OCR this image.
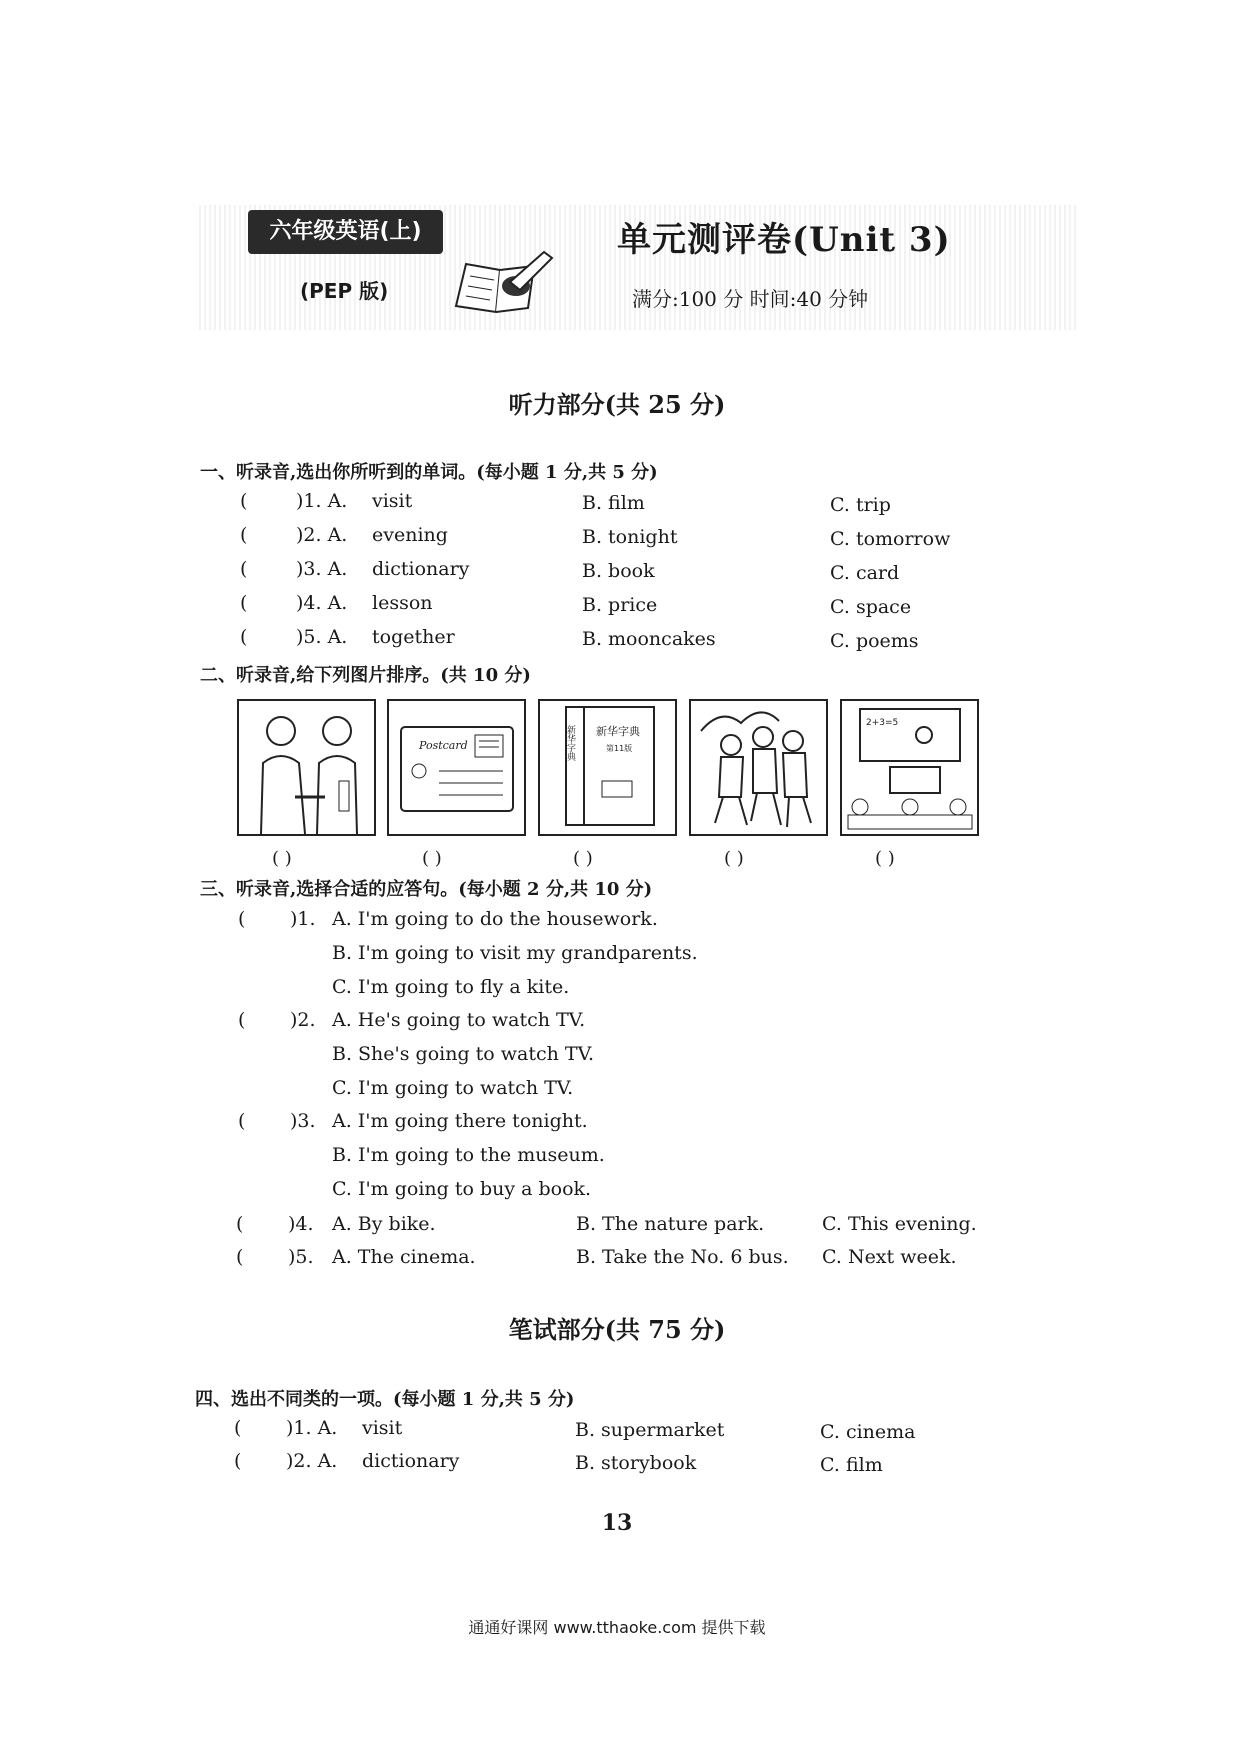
六年级英语(上)
(PEP 版)
单元测评卷(Unit 3)
满分:100 分 时间:40 分钟
听力部分(共 25 分)
一、听录音,选出你所听到的单词。(每小题 1 分,共 5 分)
(	)1. A. visit	B. film	C. trip
(	)2. A. evening	B. tonight	C. tomorrow
(	)3. A. dictionary	B. book	C. card
(	)4. A. lesson	B. price	C. space
(	)5. A. together	B. mooncakes	C. poems
二、听录音,给下列图片排序。(共 10 分)
Postcard	新华字典 新华字典
第11版
2+3=5
( )	( )	( )	( )	( )
三、听录音,选择合适的应答句。(每小题 2 分,共 10 分)
( )1. A. I'm going to do the housework.
B. I'm going to visit my grandparents.
C. I'm going to fly a kite.
( )2. A. He's going to watch TV.
B. She's going to watch TV.
C. I'm going to watch TV.
( )3. A. I'm going there tonight.
B. I'm going to the museum.
C. I'm going to buy a book.
( )4. A. By bike.	B. The nature park.	C. This evening.
( )5. A. The cinema.	B. Take the No. 6 bus. C. Next week.
笔试部分(共 75 分)
四、选出不同类的一项。(每小题 1 分,共 5 分)
( )1. A. visit	B. supermarket	C. cinema
( )2. A. dictionary	B. storybook	C. film
13
通通好课网 www.tthaoke.com 提供下载
